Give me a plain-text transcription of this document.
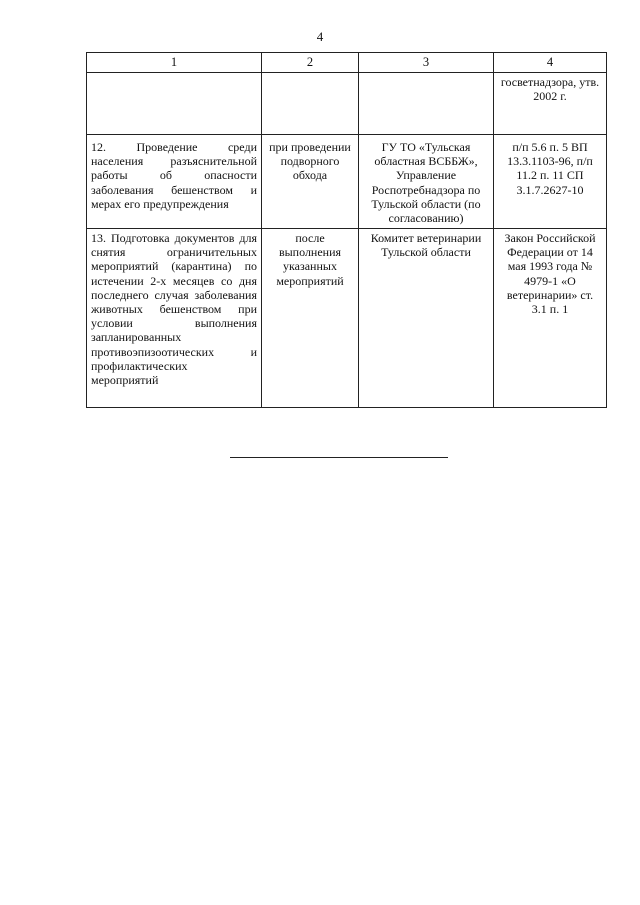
4
1	2	3	4
			госветнадзора, утв. 2002 г.
12. Проведение среди населения разъяснительной работы об опасности заболевания бешенством и мерах его предупреждения	при проведении подворного обхода	ГУ ТО «Тульская областная ВСББЖ», Управление Роспотребнадзора по Тульской области (по согласованию)	п/п 5.6 п. 5 ВП 13.3.1103-96, п/п 11.2 п. 11 СП 3.1.7.2627-10
13. Подготовка документов для снятия ограничительных мероприятий (карантина) по истечении 2-х месяцев со дня последнего случая заболевания животных бешенством при условии выполнения запланированных противоэпизоотических и профилактических мероприятий	после выполнения указанных мероприятий	Комитет ветеринарии Тульской области	Закон Российской Федерации от 14 мая 1993 года № 4979-1 «О ветеринарии» ст. 3.1 п. 1
